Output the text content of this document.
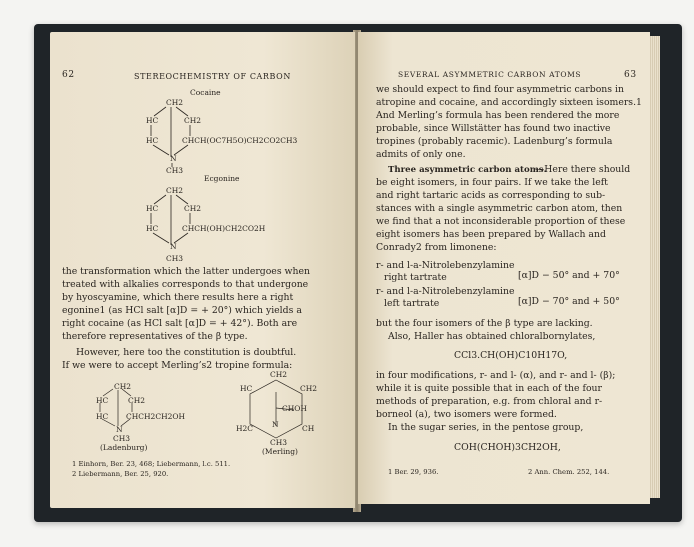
62	STEREOCHEMISTRY OF CARBON
Cocaine
CH2
HC	CH2
HC	CHCH(OC7H5O)CH2CO2CH3
N
CH3
Ecgonine
CH2
HC	CH2
HC	CHCH(OH)CH2CO2H
N
CH3
the transformation which the latter undergoes when
treated with alkalies corresponds to that undergone
by hyoscyamine, which there results here a right
egonine1 (as HCl salt [α]D = + 20°) which yields a
right cocaine (as HCl salt [α]D = + 42°). Both are
therefore representatives of the β type.
However, here too the constitution is doubtful.
If we were to accept Merling’s2 tropine formula:
CH2
HC	CH2
HC CHCH2CH2OH
N
CH3
(Ladenburg)
CH2
CH2
HC
CHOH
N
H2C	CH
CH3
(Merling)
1 Einhorn, Ber. 23, 468; Liebermann, l.c. 511.
2 Liebermann, Ber. 25, 920.
SEVERAL ASYMMETRIC CARBON ATOMS	63
we should expect to find four asymmetric carbons in
atropine and cocaine, and accordingly sixteen isomers.1
And Merling’s formula has been rendered the more
probable, since Willstätter has found two inactive
tropines (probably racemic). Ladenburg’s formula
admits of only one.
Three asymmetric carbon atoms.
—Here there should
be eight isomers, in four pairs. If we take the left
and right tartaric acids as corresponding to sub-
stances with a single asymmetric carbon atom, then
we find that a not inconsiderable proportion of these
eight isomers has been prepared by Wallach and
Conrady2 from limonene:
r- and l-a-Nitrolebenzylamine
right tartrate	[α]D − 50° and + 70°
r- and l-a-Nitrolebenzylamine
left tartrate	[α]D − 70° and + 50°
but the four isomers of the β type are lacking.
Also, Haller has obtained chloralbornylates,
CCl3.CH(OH)C10H17O,
in four modifications, r- and l- (α), and r- and l- (β);
while it is quite possible that in each of the four
methods of preparation, e.g. from chloral and r-
borneol (a), two isomers were formed.
In the sugar series, in the pentose group,
COH(CHOH)3CH2OH,
1 Ber. 29, 936.	2 Ann. Chem. 252, 144.
